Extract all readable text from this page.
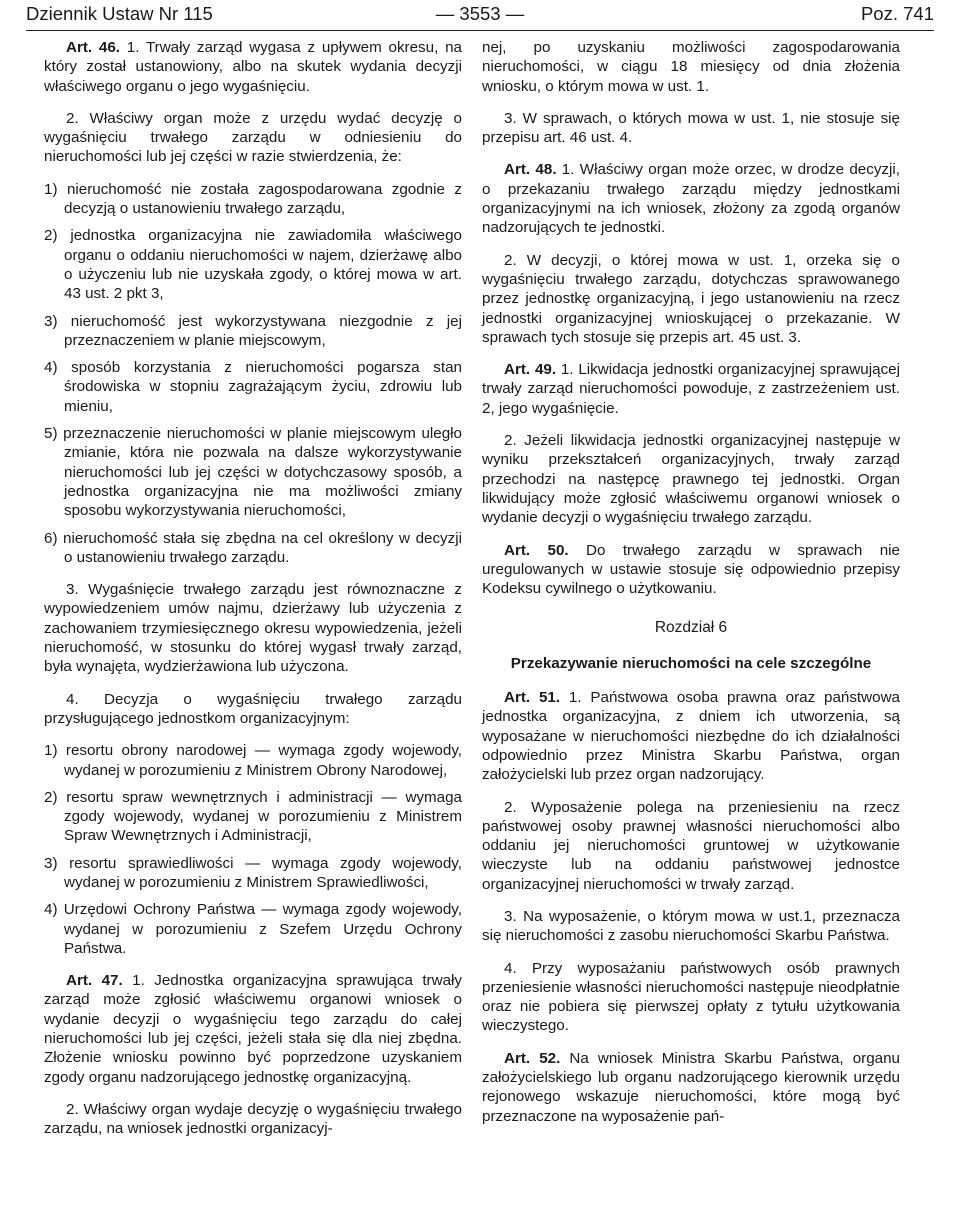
Dziennik Ustaw Nr 115	— 3553 —	Poz. 741

Art. 46. 1. Trwały zarząd wygasa z upływem okresu, na który został ustanowiony, albo na skutek wydania decyzji właściwego organu o jego wygaśnięciu.

2. Właściwy organ może z urzędu wydać decyzję o wygaśnięciu trwałego zarządu w odniesieniu do nieruchomości lub jej części w razie stwierdzenia, że:

1) nieruchomość nie została zagospodarowana zgodnie z decyzją o ustanowieniu trwałego zarządu,

2) jednostka organizacyjna nie zawiadomiła właściwego organu o oddaniu nieruchomości w najem, dzierżawę albo o użyczeniu lub nie uzyskała zgody, o której mowa w art. 43 ust. 2 pkt 3,

3) nieruchomość jest wykorzystywana niezgodnie z jej przeznaczeniem w planie miejscowym,

4) sposób korzystania z nieruchomości pogarsza stan środowiska w stopniu zagrażającym życiu, zdrowiu lub mieniu,

5) przeznaczenie nieruchomości w planie miejscowym uległo zmianie, która nie pozwala na dalsze wykorzystywanie nieruchomości lub jej części w dotychczasowy sposób, a jednostka organizacyjna nie ma możliwości zmiany sposobu wykorzystywania nieruchomości,

6) nieruchomość stała się zbędna na cel określony w decyzji o ustanowieniu trwałego zarządu.

3. Wygaśnięcie trwałego zarządu jest równoznaczne z wypowiedzeniem umów najmu, dzierżawy lub użyczenia z zachowaniem trzymiesięcznego okresu wypowiedzenia, jeżeli nieruchomość, w stosunku do której wygasł trwały zarząd, była wynajęta, wydzierżawiona lub użyczona.

4. Decyzja o wygaśnięciu trwałego zarządu przysługującego jednostkom organizacyjnym:

1) resortu obrony narodowej — wymaga zgody wojewody, wydanej w porozumieniu z Ministrem Obrony Narodowej,

2) resortu spraw wewnętrznych i administracji — wymaga zgody wojewody, wydanej w porozumieniu z Ministrem Spraw Wewnętrznych i Administracji,

3) resortu sprawiedliwości — wymaga zgody wojewody, wydanej w porozumieniu z Ministrem Sprawiedliwości,

4) Urzędowi Ochrony Państwa — wymaga zgody wojewody, wydanej w porozumieniu z Szefem Urzędu Ochrony Państwa.

Art. 47. 1. Jednostka organizacyjna sprawująca trwały zarząd może zgłosić właściwemu organowi wniosek o wydanie decyzji o wygaśnięciu tego zarządu do całej nieruchomości lub jej części, jeżeli stała się dla niej zbędna. Złożenie wniosku powinno być poprzedzone uzyskaniem zgody organu nadzorującego jednostkę organizacyjną.

2. Właściwy organ wydaje decyzję o wygaśnięciu trwałego zarządu, na wniosek jednostki organizacyj-

nej, po uzyskaniu możliwości zagospodarowania nieruchomości, w ciągu 18 miesięcy od dnia złożenia wniosku, o którym mowa w ust. 1.

3. W sprawach, o których mowa w ust. 1, nie stosuje się przepisu art. 46 ust. 4.

Art. 48. 1. Właściwy organ może orzec, w drodze decyzji, o przekazaniu trwałego zarządu między jednostkami organizacyjnymi na ich wniosek, złożony za zgodą organów nadzorujących te jednostki.

2. W decyzji, o której mowa w ust. 1, orzeka się o wygaśnięciu trwałego zarządu, dotychczas sprawowanego przez jednostkę organizacyjną, i jego ustanowieniu na rzecz jednostki organizacyjnej wnioskującej o przekazanie. W sprawach tych stosuje się przepis art. 45 ust. 3.

Art. 49. 1. Likwidacja jednostki organizacyjnej sprawującej trwały zarząd nieruchomości powoduje, z zastrzeżeniem ust. 2, jego wygaśnięcie.

2. Jeżeli likwidacja jednostki organizacyjnej następuje w wyniku przekształceń organizacyjnych, trwały zarząd przechodzi na następcę prawnego tej jednostki. Organ likwidujący może zgłosić właściwemu organowi wniosek o wydanie decyzji o wygaśnięciu trwałego zarządu.

Art. 50. Do trwałego zarządu w sprawach nie uregulowanych w ustawie stosuje się odpowiednio przepisy Kodeksu cywilnego o użytkowaniu.

Rozdział 6
Przekazywanie nieruchomości na cele szczególne

Art. 51. 1. Państwowa osoba prawna oraz państwowa jednostka organizacyjna, z dniem ich utworzenia, są wyposażane w nieruchomości niezbędne do ich działalności odpowiednio przez Ministra Skarbu Państwa, organ założycielski lub przez organ nadzorujący.

2. Wyposażenie polega na przeniesieniu na rzecz państwowej osoby prawnej własności nieruchomości albo oddaniu jej nieruchomości gruntowej w użytkowanie wieczyste lub na oddaniu państwowej jednostce organizacyjnej nieruchomości w trwały zarząd.

3. Na wyposażenie, o którym mowa w ust.1, przeznacza się nieruchomości z zasobu nieruchomości Skarbu Państwa.

4. Przy wyposażaniu państwowych osób prawnych przeniesienie własności nieruchomości następuje nieodpłatnie oraz nie pobiera się pierwszej opłaty z tytułu użytkowania wieczystego.

Art. 52. Na wniosek Ministra Skarbu Państwa, organu założycielskiego lub organu nadzorującego kierownik urzędu rejonowego wskazuje nieruchomości, które mogą być przeznaczone na wyposażenie pań-
